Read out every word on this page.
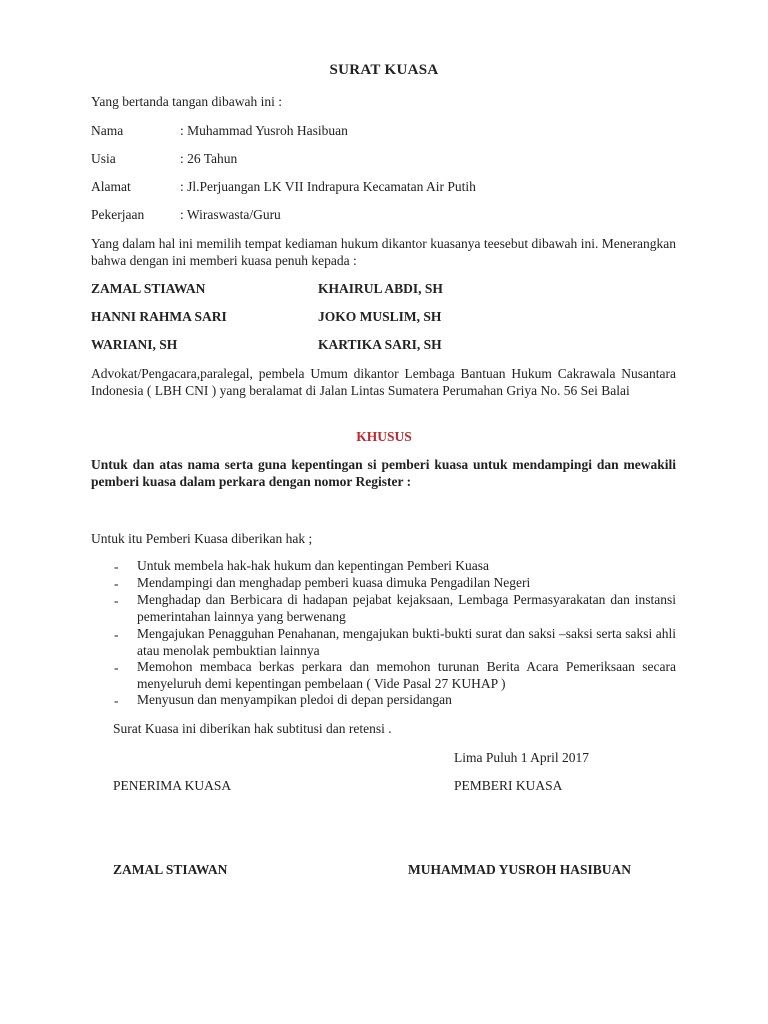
SURAT KUASA
Yang bertanda tangan dibawah ini :
Nama	: Muhammad Yusroh Hasibuan
Usia	: 26 Tahun
Alamat	: Jl.Perjuangan LK VII Indrapura Kecamatan Air Putih
Pekerjaan	: Wiraswasta/Guru
Yang dalam hal ini memilih tempat kediaman hukum dikantor kuasanya teesebut dibawah ini. Menerangkan bahwa dengan ini memberi kuasa penuh kepada :
ZAMAL STIAWAN	KHAIRUL ABDI, SH
HANNI RAHMA SARI	JOKO MUSLIM, SH
WARIANI, SH	KARTIKA SARI, SH
Advokat/Pengacara,paralegal, pembela Umum dikantor Lembaga Bantuan Hukum Cakrawala Nusantara Indonesia ( LBH CNI ) yang beralamat di Jalan Lintas Sumatera Perumahan Griya No. 56 Sei Balai
KHUSUS
Untuk dan atas nama serta guna kepentingan si pemberi kuasa untuk mendampingi dan mewakili pemberi kuasa dalam perkara dengan nomor Register :
Untuk itu Pemberi Kuasa diberikan hak ;
- Untuk membela hak-hak hukum dan kepentingan Pemberi Kuasa
- Mendampingi dan menghadap pemberi kuasa dimuka Pengadilan Negeri
- Menghadap dan Berbicara di hadapan pejabat kejaksaan, Lembaga Permasyarakatan dan instansi pemerintahan lainnya yang berwenang
- Mengajukan Penagguhan Penahanan, mengajukan bukti-bukti surat dan saksi –saksi serta saksi ahli atau menolak pembuktian lainnya
- Memohon membaca berkas perkara dan memohon turunan Berita Acara Pemeriksaan secara menyeluruh demi kepentingan pembelaan ( Vide Pasal 27 KUHAP )
- Menyusun dan menyampikan pledoi di depan persidangan
Surat Kuasa ini diberikan hak subtitusi dan retensi .
Lima Puluh 1 April 2017
PENERIMA KUASA	PEMBERI KUASA
ZAMAL STIAWAN	MUHAMMAD YUSROH HASIBUAN
